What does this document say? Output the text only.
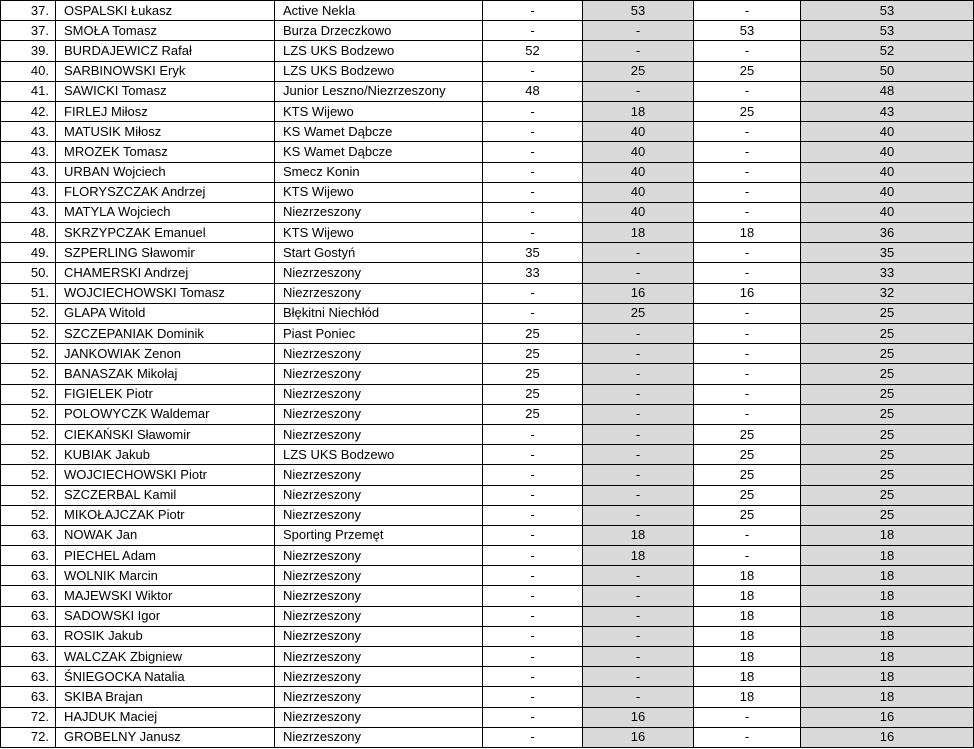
37.	OSPALSKI Łukasz	Active Nekla	-	53	-	53
37.	SMOŁA Tomasz	Burza Drzeczkowo	-	-	53	53
39.	BURDAJEWICZ Rafał	LZS UKS Bodzewo	52	-	-	52
40.	SARBINOWSKI Eryk	LZS UKS Bodzewo	-	25	25	50
41.	SAWICKI Tomasz	Junior Leszno/Niezrzeszony	48	-	-	48
42.	FIRLEJ Miłosz	KTS Wijewo	-	18	25	43
43.	MATUSIK Miłosz	KS Wamet Dąbcze	-	40	-	40
43.	MROZEK Tomasz	KS Wamet Dąbcze	-	40	-	40
43.	URBAN Wojciech	Smecz Konin	-	40	-	40
43.	FLORYSZCZAK Andrzej	KTS Wijewo	-	40	-	40
43.	MATYLA Wojciech	Niezrzeszony	-	40	-	40
48.	SKRZYPCZAK Emanuel	KTS Wijewo	-	18	18	36
49.	SZPERLING Sławomir	Start Gostyń	35	-	-	35
50.	CHAMERSKI Andrzej	Niezrzeszony	33	-	-	33
51.	WOJCIECHOWSKI Tomasz	Niezrzeszony	-	16	16	32
52.	GLAPA Witold	Błękitni Niechłód	-	25	-	25
52.	SZCZEPANIAK Dominik	Piast Poniec	25	-	-	25
52.	JANKOWIAK Zenon	Niezrzeszony	25	-	-	25
52.	BANASZAK Mikołaj	Niezrzeszony	25	-	-	25
52.	FIGIELEK Piotr	Niezrzeszony	25	-	-	25
52.	POLOWYCZK Waldemar	Niezrzeszony	25	-	-	25
52.	CIEKAŃSKI Sławomir	Niezrzeszony	-	-	25	25
52.	KUBIAK Jakub	LZS UKS Bodzewo	-	-	25	25
52.	WOJCIECHOWSKI Piotr	Niezrzeszony	-	-	25	25
52.	SZCZERBAL Kamil	Niezrzeszony	-	-	25	25
52.	MIKOŁAJCZAK Piotr	Niezrzeszony	-	-	25	25
63.	NOWAK Jan	Sporting Przemęt	-	18	-	18
63.	PIECHEL Adam	Niezrzeszony	-	18	-	18
63.	WOLNIK Marcin	Niezrzeszony	-	-	18	18
63.	MAJEWSKI Wiktor	Niezrzeszony	-	-	18	18
63.	SADOWSKI Igor	Niezrzeszony	-	-	18	18
63.	ROSIK Jakub	Niezrzeszony	-	-	18	18
63.	WALCZAK Zbigniew	Niezrzeszony	-	-	18	18
63.	ŚNIEGOCKA Natalia	Niezrzeszony	-	-	18	18
63.	SKIBA Brajan	Niezrzeszony	-	-	18	18
72.	HAJDUK Maciej	Niezrzeszony	-	16	-	16
72.	GROBELNY Janusz	Niezrzeszony	-	16	-	16
